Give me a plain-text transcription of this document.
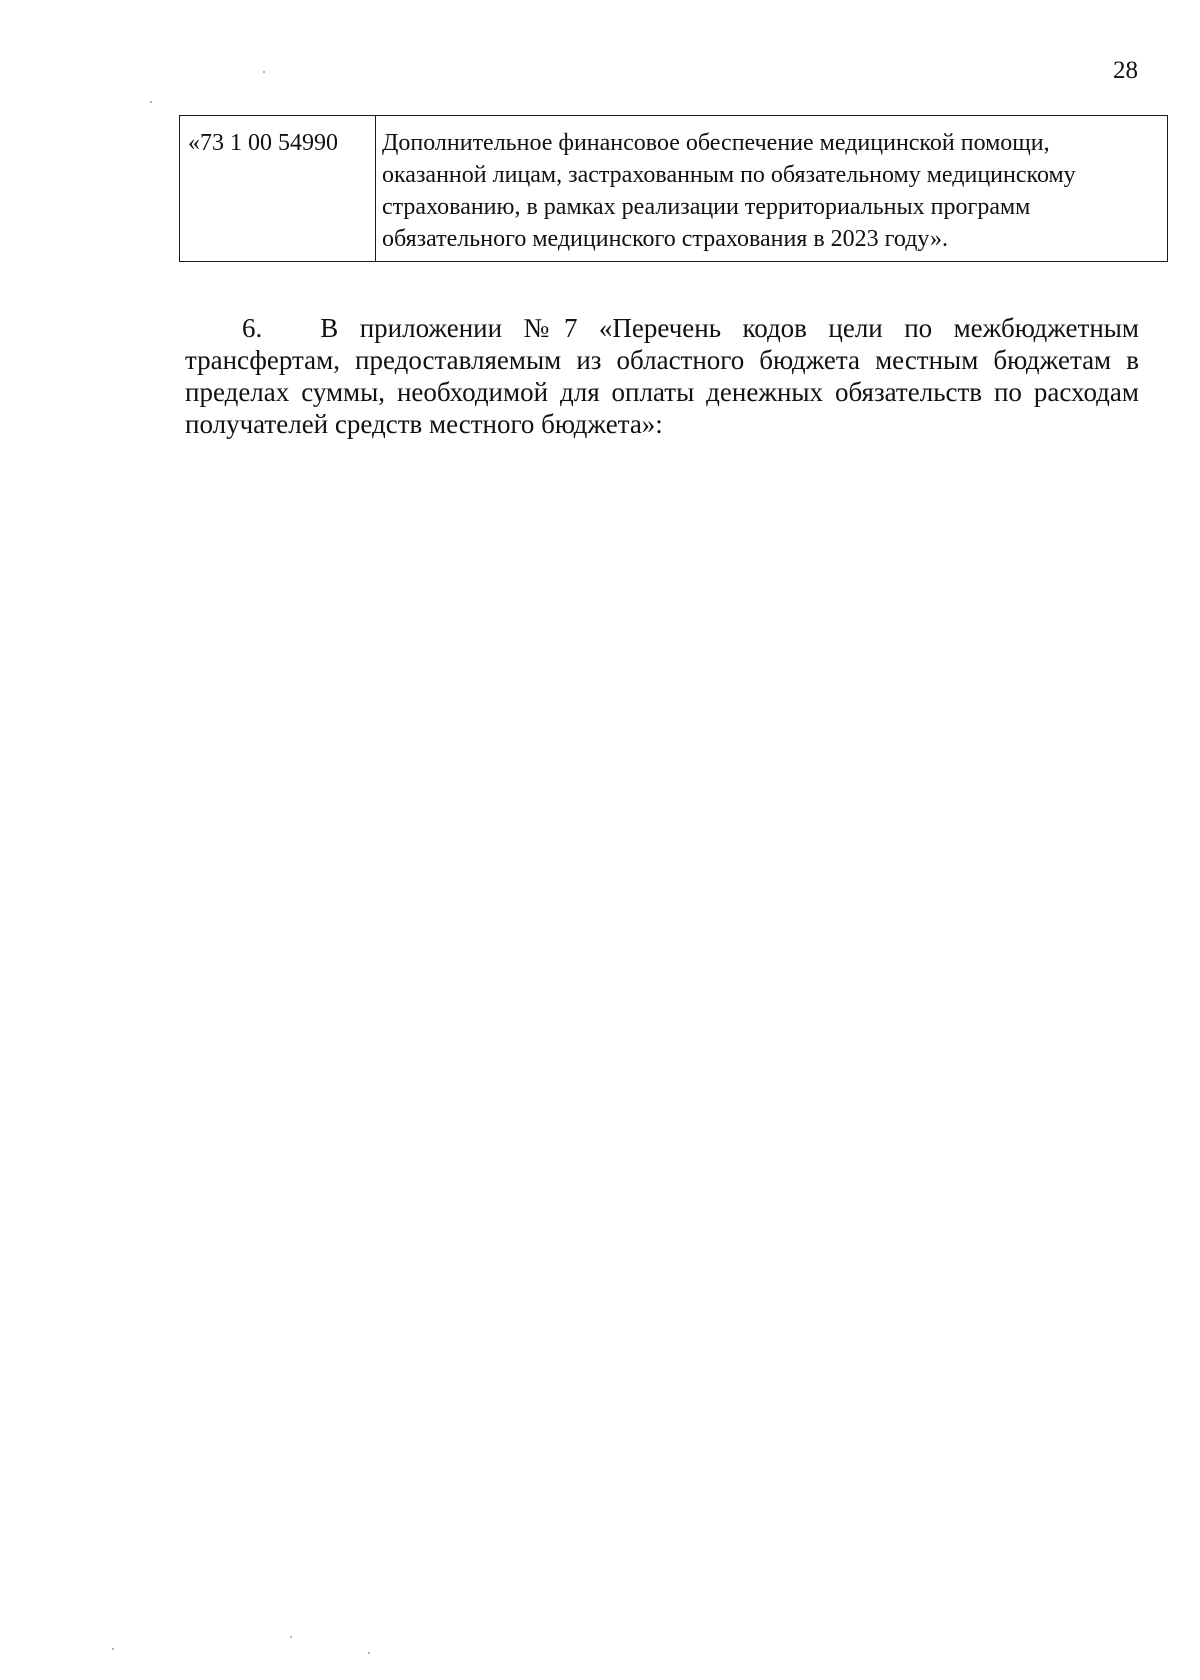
28
«73 1 00 54990	Дополнительное финансовое обеспечение медицинской помощи,
оказанной лицам, застрахованным по обязательному медицинскому
страхованию, в рамках реализации территориальных программ
обязательного медицинского страхования в 2023 году».
6. В приложении №7 «Перечень кодов цели по межбюджетным
трансфертам, предоставляемым из областного бюджета местным бюджетам в
пределах суммы, необходимой для оплаты денежных обязательств по расходам
получателей средств местного бюджета»:
